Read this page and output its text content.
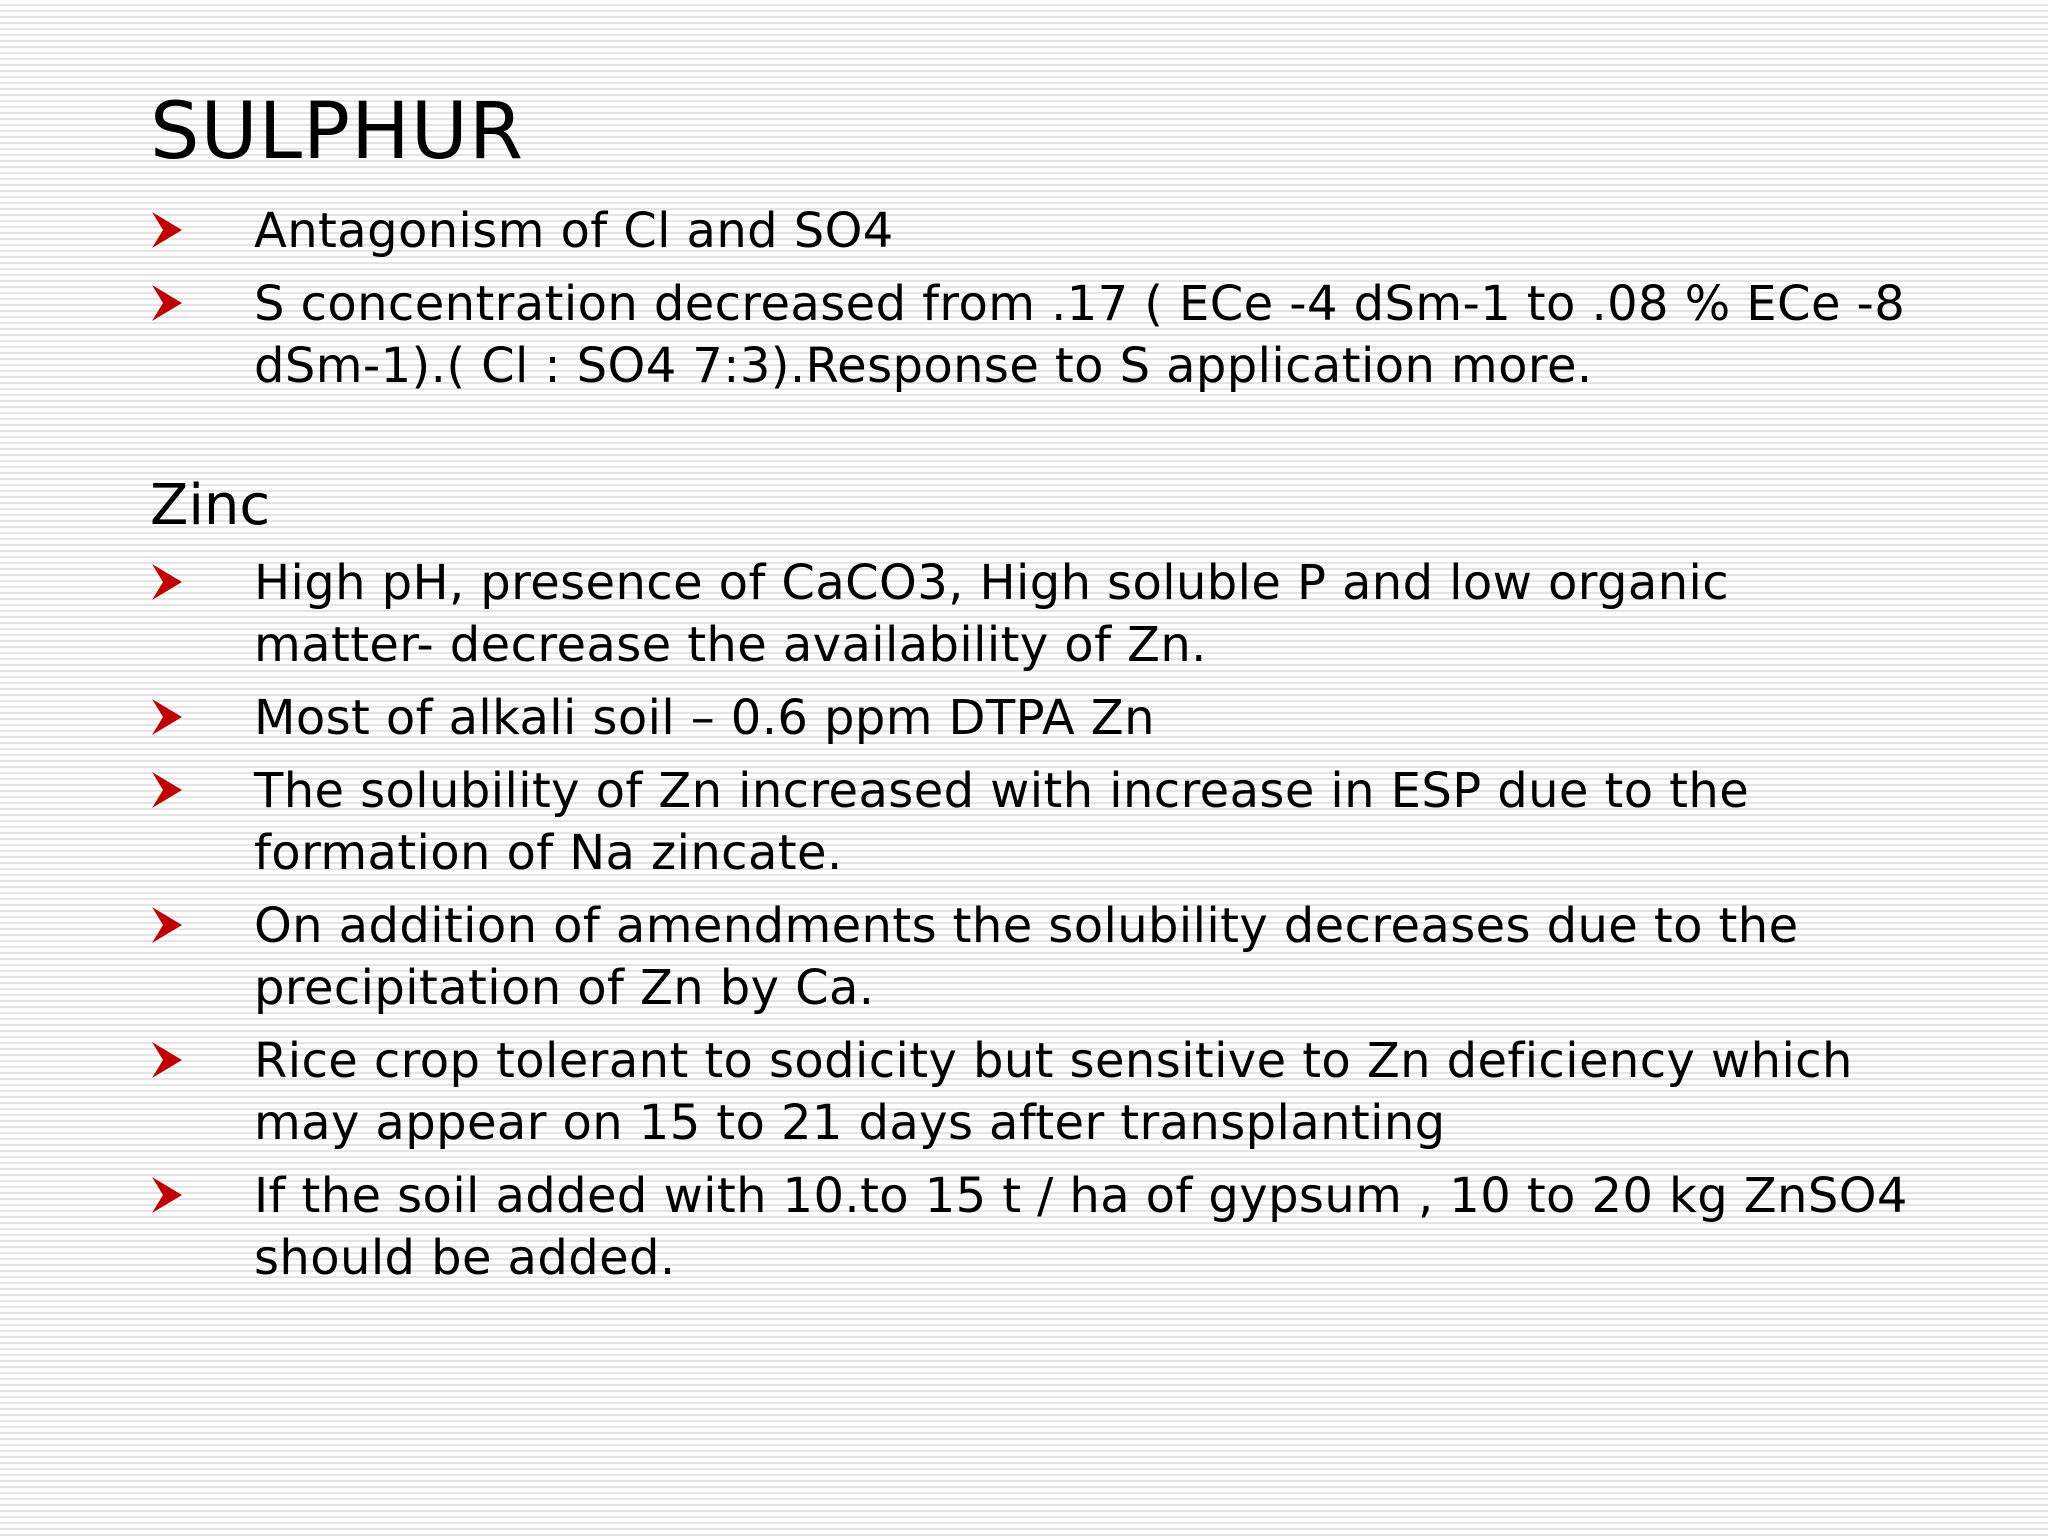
SULPHUR
Antagonism of Cl and SO4
S concentration decreased from .17 ( ECe -4 dSm-1 to .08 % ECe -8 dSm-1).( Cl : SO4 7:3).Response to S application more.
Zinc
High pH, presence of CaCO3, High soluble P and low organic matter- decrease the availability of Zn.
Most of alkali soil – 0.6 ppm DTPA Zn
The solubility of Zn increased with increase in ESP due to the formation of Na zincate.
On addition of amendments the solubility decreases due to the precipitation of Zn by Ca.
Rice crop tolerant to sodicity but sensitive to Zn deficiency which may appear on 15 to 21 days after transplanting
If the soil added with 10.to 15 t / ha of gypsum , 10 to 20 kg ZnSO4 should be added.
